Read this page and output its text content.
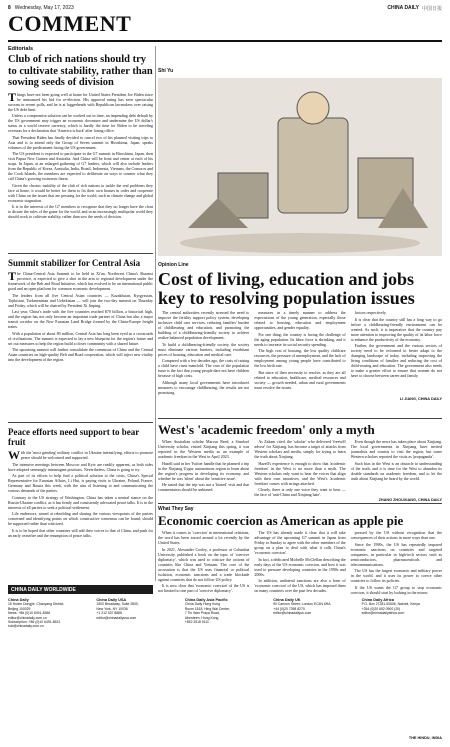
8 Wednesday, May 17, 2023	CHINA DAILY 中国日报
COMMENT
Editorials
Club of rich nations should try to cultivate stability, rather than sowing seeds of division

Things have not been going well at home for United States President Joe Biden since he announced his bid for re-election. His approval rating has seen spectacular swoons in recent polls, and he is at loggerheads with Republican lawmakers over raising the US debt limit.

Unless a compromise solution can be worked out in time, an impending debt default by the US government may trigger an economic downturn and undermine the US dollar's status as a world reserve currency, which is hardly the time for Biden to be traveling overseas for a declaration that 'America is back' after losing office.

That President Biden has finally decided to cancel two of his planned visiting trips to Asia and is to attend only the Group of Seven summit in Hiroshima, Japan, speaks volumes of the predicament facing the US government.

The US president is expected to participate in the G7 summit in Hiroshima, Japan, then visit Papua New Guinea and Australia. And China will be front and center at each of his stops. In Japan, at an enlarged gathering of G7 leaders, which will also include leaders from the Republic of Korea, Australia, India, Brazil, Indonesia, Vietnam, the Comoros and the Cook Islands, the members are expected to deliberate on ways to counter what they call China's growing economic threat.

Given the chronic inability of the club of rich nations to tackle the real problems they face at home, it would be better for them to fix their own houses in order and cooperate with China on the issues that are pressing for the world, such as climate change and global economic stagnation.

It is in the interests of the G7 members to recognize that they no longer have the clout to dictate the rules of the game for the world, and in an increasingly multipolar world they should work to cultivate stability, rather than sow the seeds of division.

Summit stabilizer for Central Asia

The China-Central Asia Summit to be held in Xi'an, Northwest China's Shaanxi province, is expected to give a shot in the arm to regional development under the framework of the Belt and Road Initiative, which has evolved to be an international public good and an open platform for common economic development.

The leaders from all five Central Asian countries — Kazakhstan, Kyrgyzstan, Tajikistan, Turkmenistan and Uzbekistan — will join the two-day summit on Thursday and Friday, which will be chaired by President Xi Jinping.

Last year, China's trade with the five countries reached $70 billion, a historical high, and the region has not only become an important trade partner of China but also a major transit corridor on the New Eurasian Land Bridge formed by the China-Europe freight trains.

With a population of about 80 million, Central Asia has long been eyed as a crossroads of civilizations. The summit is expected to lay a new blueprint for the region's future and set out measures to help the region build a closer community with a shared future.

The upcoming summit will further consolidate the consensus of China and the Central Asian countries on high-quality Belt and Road cooperation, which will inject new vitality into the development of the region.

Peace efforts need support to bear fruit

With the 'most grinding' military conflict in Ukraine intensifying, efforts to promote peace should be welcomed and supported.

The intensive meetings between Moscow and Kyiv are readily apparent, as both sides have adopted seemingly intransigent positions. Nevertheless, China is going to try.

As part of its efforts to help find a political solution to the crisis, China's Special Representative for Eurasian Affairs, Li Hui, is paying visits to Ukraine, Poland, France, Germany and Russia this week, with the aim of listening to and communicating the various demands of the parties.

Contrary to the US strategy of Washington, China has taken a neutral stance on the Russia-Ukraine conflict, as it has firmly and consistently advocated peace talks. It is in the interests of all parties to seek a political settlement.

Life endeavors, aimed at rebuilding and sharing the various viewpoints of the parties concerned and identifying points on which constructive consensus can be found, should be supported rather than criticized.

It is to be hoped that other countries will add their voices to that of China, and push for an early ceasefire and the resumption of peace talks.

Shi Yu
Opinion Line
Cost of living, education and jobs key to resolving population issues

The central authorities recently stressed the need to improve the fertility support policy system, developing inclusive child care services, reducing families' burden of childbearing and education, and promoting the building of a childbearing-friendly society to achieve realize balanced population development.

To build a childbearing-friendly society, the society must eliminate various barriers, including exorbitant prices of housing, education and medical care.

Compared with a few decades ago, the costs of raising a child have risen manifold. The crux of the population issue is the fact that young people dare not have children because of high costs.

Although many local governments have introduced measures to encourage childbearing, the results are not promising.

measures in a timely manner to address the expectations of the young generation, especially those related to housing, education and employment opportunities, and gender equality.

For one thing, the country is facing the challenge of the aging population. Its labor force is shrinking, and it needs to increase its social security spending.

The high cost of housing, the low quality childcare resources, the pressure of unemployment, and the lack of employment among young people have contributed to the low birth rate.

But since of their necessity to resolve, as they are all related to education, healthcare, medical resources and society — growth needed, urban and rural governments must resolve the issues.

factors respectively.

It is clear that the country still has a long way to go before a childbearing-friendly environment can be created. As such, it is imperative that the country pay more attention to improving the quality of its labor force to enhance the productivity of the economy.

Further, the government and the various sectors of society need to be reformed to better adapt to the changing landscape of today, including improving the living conditions of families and reducing the cost of child-rearing and education. The government also needs to make a greater effort to ensure that women do not have to choose between career and family.

LI JIANG, CHINA DAILY
West's 'academic freedom' only a myth

When Australian scholar Marcus Reed, a Stanford University scholar, visited Xinjiang this spring, it was reported in the Western media as an example of academic freedom in the West in April 2023.

Hazell said in her Twitter handle that he planned a trip to the Xinjiang Uygur autonomous region to learn about the region's progress in developing its economy, and whether he was 'silent' about the 'sensitive issue'.

He stated that the trip was not a 'biased' visit and that commentators should be unbiased.

As Zakam cited, the 'scholar' who delivered 'freewill advise' for Xinjiang, has become a target of attacks from Western scholars and media, simply for trying to learn the truth about Xinjiang.

Hazell's experience is enough to show that 'academic freedom' in the West is no more than a myth. The Western scholars only want to hear the voices that align with their own narratives, and the West's 'academic freedom' comes with strings attached.

Clearly, there is only one voice they want to hear — the face of 'anti-China and Xinjiang hate'.

Even though the news has taken place about Xinjiang. The local governments in Xinjiang have invited journalists and tourists to visit the region, but some Western scholars reported the visits as 'propaganda'.

Such bias in the West is an obstacle to understanding of the truth, and it is time for the West to abandon its double standards on academic freedom, and to let the truth about Xinjiang be heard by the world.

ZHANG ZHOUXIANG, CHINA DAILY
What They Say
Economic coercion as American as apple pie

When it comes to 'coercion' in international relations, the word has been tossed around a lot recently by the United States.

In 2021, Alexander Cooley, a professor at Columbia University, published a book on the topic of 'coercive diplomacy', which was used to criticize the actions of countries like China and Vietnam. The core of the accusation is that the US uses financial or political isolation, economic sanctions and a trade blockade against countries that do not follow US policy.

It is now clear that 'economic coercion' of the US is not limited to one part of 'coercive diplomacy'.

The US has already made it clear that it will take advantage of the upcoming G7 summit in Japan from Friday to Sunday to agree with the other members of the group on a plan to deal with what it calls China's 'economic coercion'.

In fact, a dedicated Michelle McClellan describing the early days of the US economic coercion, and how it was used to pressure developing countries in the 1990s and 2000s.

In addition, unilateral sanctions are also a form of 'economic coercion' of the US, which has imposed them on many countries over the past few decades.

pressed by the US without recognition that the consequences of their actions in more ways than one.

Since the 1990s, the US has repeatedly imposed economic sanctions on countries and targeted companies, in particular in high-tech sectors such as semiconductors, pharmaceuticals and telecommunications.

The US has the largest economic and military power in the world, and it uses its power to coerce other countries to follow its policies.

If the US wants the G7 group to stop economic coercion, it should start by looking in the mirror.

THE HINDU, INDIA
CHINA DAILY WORLDWIDE
China Daily
15 Huixin Dongjie, Chaoyang District,
Beijing 100029
News: +86 (0)10 6491-8366
editor@chinadaily.com.cn
Subscription: +86 (0)10 6491-8631
sub@chinadaily.com.cn
China Daily USA
1500 Broadway, Suite 2800,
New York, NY 10036
+1 212 537 8888
editor@chinadailyusa.com
China Daily Asia Pacific
China Daily Hong Kong
Room 1818, Hing Wai Centre,
7 Tin Wan Praya Road,
Aberdeen, Hong Kong
+852 2518 5111
China Daily UK
90 Cannon Street, London EC4N 6HA
+44 (0)20 7398 8270
editor@chinadailyuk.com
China Daily Africa
P.O. Box 27281-00506, Nairobi, Kenya
+254 (0)20 692 0900 (20)
editor@chinadailyafrica.com
